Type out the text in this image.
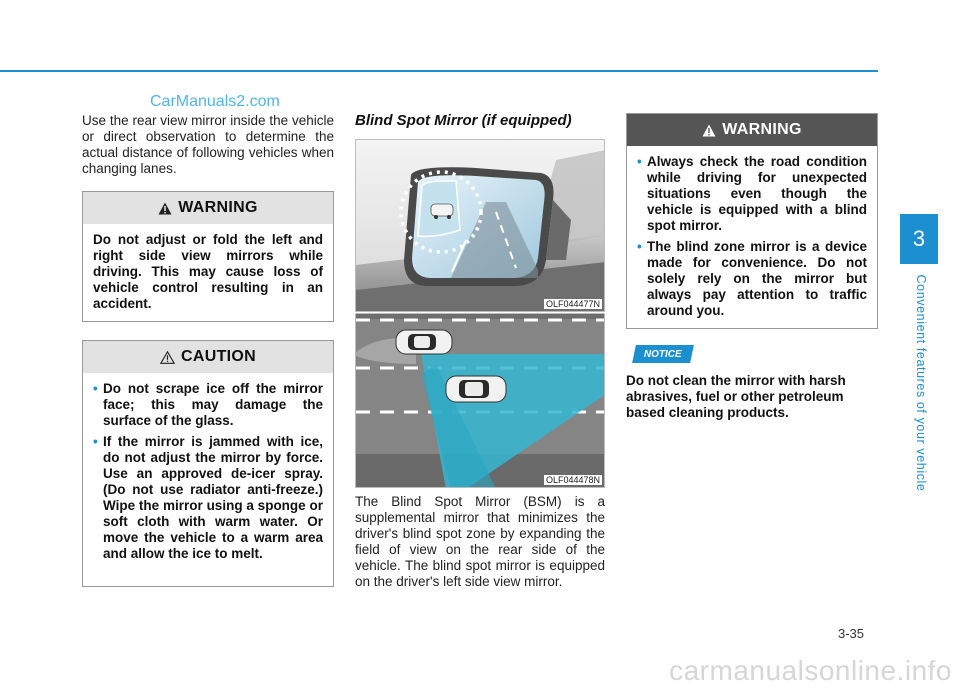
CarManuals2.com
3
Convenient features of your vehicle
Use the rear view mirror inside the vehicle or direct observation to determine the actual distance of following vehicles when changing lanes.
WARNING
Do not adjust or fold the left and right side view mirrors while driving. This may cause loss of vehicle control resulting in an accident.
CAUTION
• Do not scrape ice off the mirror face; this may damage the surface of the glass.
• If the mirror is jammed with ice, do not adjust the mirror by force. Use an approved de-icer spray. (Do not use radiator anti-freeze.) Wipe the mirror using a sponge or soft cloth with warm water. Or move the vehicle to a warm area and allow the ice to melt.
Blind Spot Mirror (if equipped)
OLF044477N
OLF044478N
The Blind Spot Mirror (BSM) is a supplemental mirror that minimizes the driver's blind spot zone by expanding the field of view on the rear side of the vehicle. The blind spot mirror is equipped on the driver's left side view mirror.
WARNING
• Always check the road condition while driving for unexpected situations even though the vehicle is equipped with a blind spot mirror.
• The blind zone mirror is a device made for convenience. Do not solely rely on the mirror but always pay attention to traffic around you.
NOTICE
Do not clean the mirror with harsh abrasives, fuel or other petroleum based cleaning products.
3-35
carmanualsonline.info
